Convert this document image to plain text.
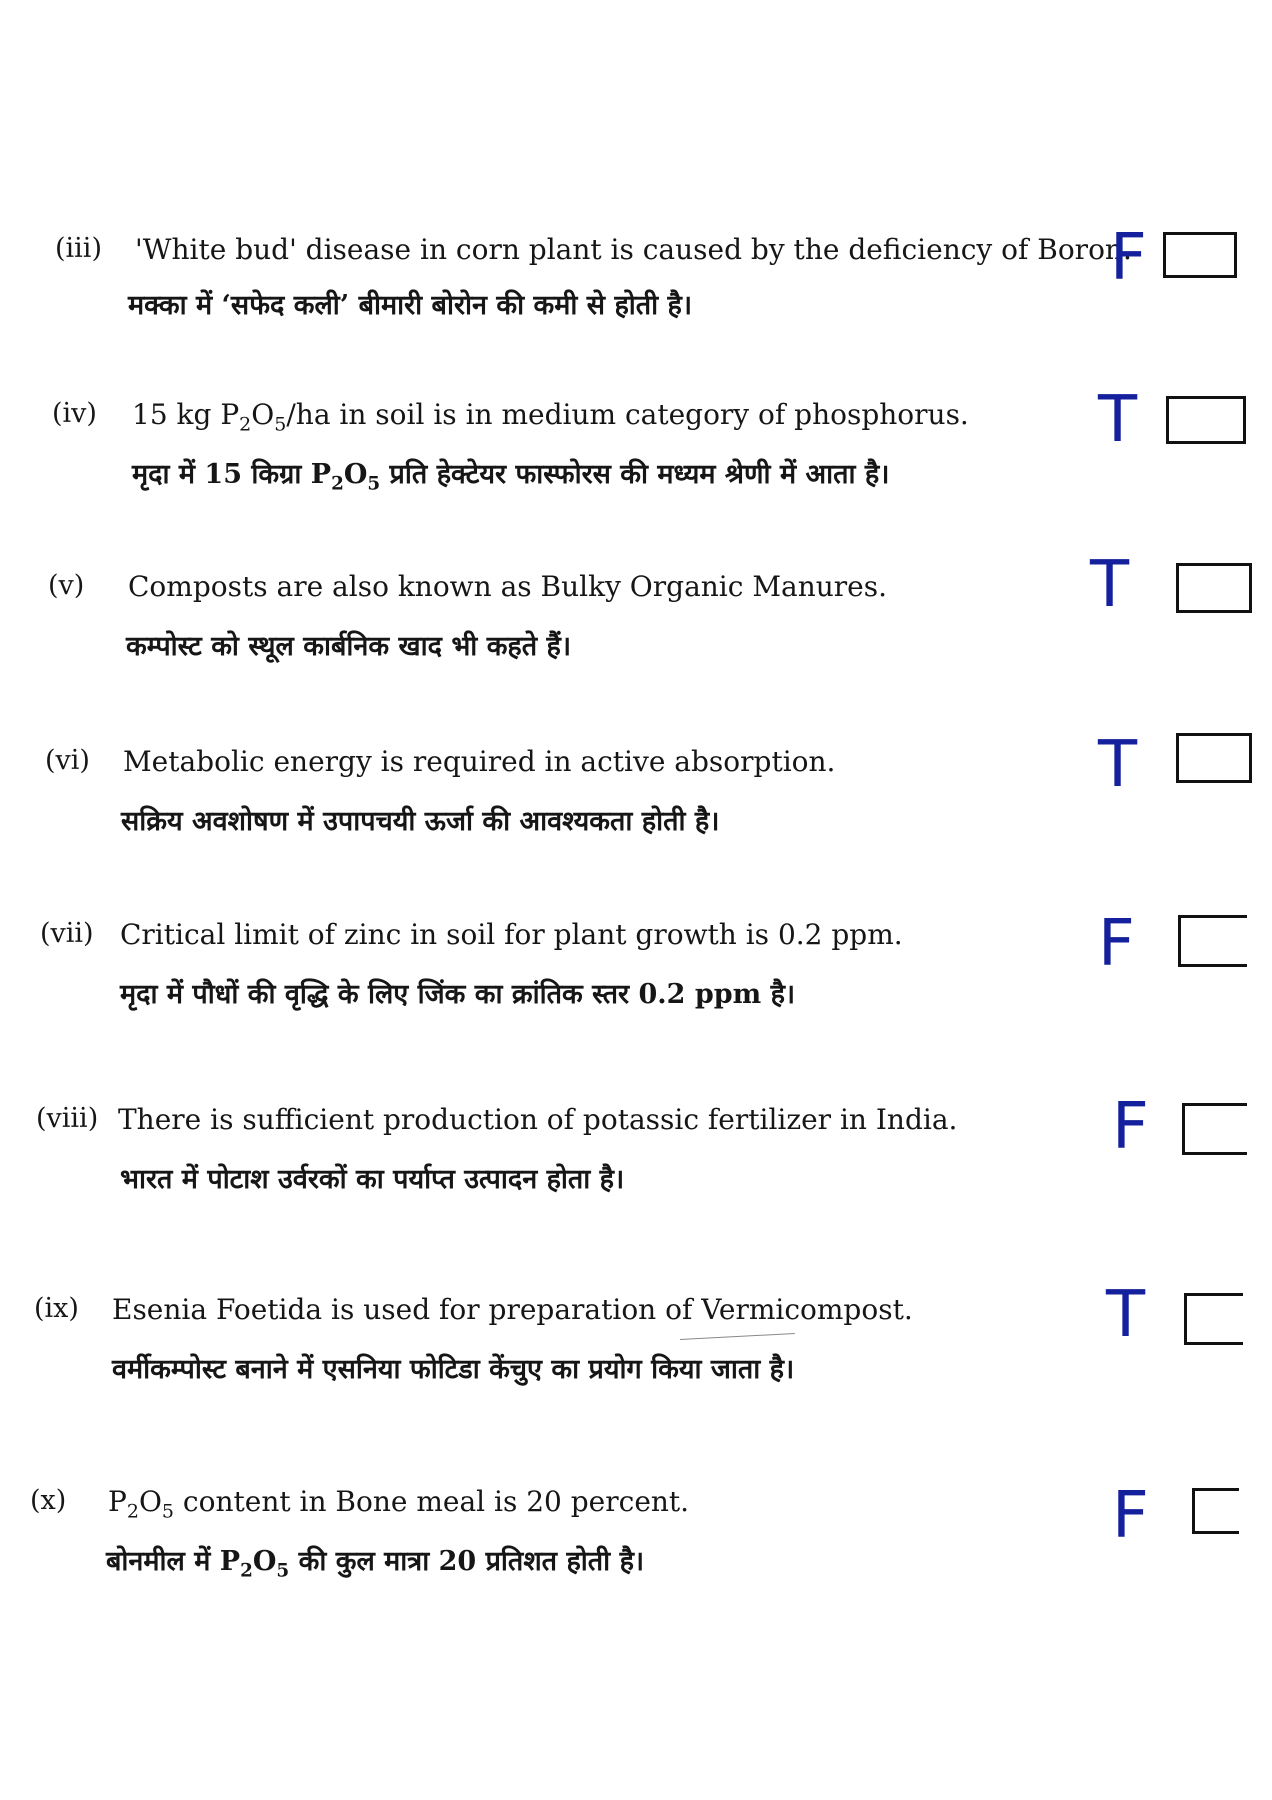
(iii) 'White bud' disease in corn plant is caused by the deficiency of Boron.
मक्का में ‘सफेद कली’ बीमारी बोरोन की कमी से होती है।
F
(iv) 15 kg $P_2O_5/ha$ in soil is in medium category of phosphorus.
मृदा में 15 किग्रा $P_2O_5$ प्रति हेक्टेयर फास्फोरस की मध्यम श्रेणी में आता है।
T
(v) Composts are also known as Bulky Organic Manures.
कम्पोस्ट को स्थूल कार्बनिक खाद भी कहते हैं।
T
(vi) Metabolic energy is required in active absorption.
सक्रिय अवशोषण में उपापचयी ऊर्जा की आवश्यकता होती है।
T
(vii) Critical limit of zinc in soil for plant growth is 0.2 ppm.
मृदा में पौधों की वृद्धि के लिए जिंक का क्रांतिक स्तर 0.2 ppm है।
F
(viii) There is sufficient production of potassic fertilizer in India.
भारत में पोटाश उर्वरकों का पर्याप्त उत्पादन होता है।
F
(ix) Esenia Foetida is used for preparation of Vermicompost.
वर्मीकम्पोस्ट बनाने में एसनिया फोटिडा केंचुए का प्रयोग किया जाता है।
T
(x) $P_2O_5$ content in Bone meal is 20 percent.
बोनमील में $P_2O_5$ की कुल मात्रा 20 प्रतिशत होती है।
F
